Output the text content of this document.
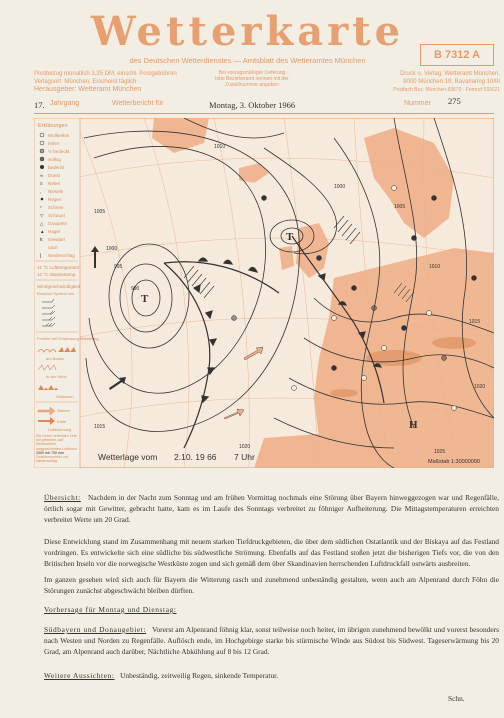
Wetterkarte	B 7312 A
des Deutschen Wetterdienstes — Amtsblatt des Wetteramtes München
Postbezug monatlich 3,25 DM, einschl. Postgebühren
Verlagsort: München, Erscheint täglich
Herausgeber: Wetteramt München
Bei vorzugsmäßiger Lieferung
bitte Bezieheramt nennen mit der
Zustellnummer angeben
Druck u. Verlag: Wetteramt München,
8000 München 19, Bavariaring 10/III
Postfach Bez. München 83670 · Fernruf 530021
17. Jahrgang	Wetterbericht für	Montag, 3. Oktober 1966	Nummer 275
Erklärungen
Wolkenlos
heiter
½ bedeckt
wolkig
bedeckt
∞ Dunst
≡ Nebel
, Nieseln
Regen
* Schnee
▽ Schauer
△ Graupeln
▲ Hagel
ꝁ Gewitter
nach
] Niederschlag
11 °C Lufttemperatur
12 °C Wassertemp.
Windgeschwindigkeit
Beaufort Symbol m/s
Fronten mit Erwärmung Abkühlung
am Boden
in der Höhe
Okklusion
Warme
Kalte
Luftströmung
Die Linien verbinden Orte mit gleichem, auf Meereshöhe umgerechneten Luftdruck
1000 mb 750 mm
Zwischenschicht mit Niederschlag
990
995
1000
1005
1010
1015
1020
1025
1020
1015
1010
1005
1000
T
T
H
Wetterlage vom 2.10. 19 66 7 Uhr	Maßstab 1:30000000
Übersicht: Nachdem in der Nacht zum Sonntag und am frühen Vormittag nochmals eine Störung über Bayern hinweggezogen war und Regenfälle, örtlich sogar mit Gewitter, gebracht hatte, kam es im Laufe des Sonntags verbreitet zu föhniger Aufheiterung. Die Mittagstemperaturen erreichten verbreitet Werte um 20 Grad.
Diese Entwicklung stand im Zusammenhang mit neuem starken Tiefdruckgebieten, die über dem südlichen Ostatlantik und der Biskaya auf das Festland vordringen. Es entwickelte sich eine südliche bis südwestliche Strömung. Ebenfalls auf das Festland stoßen jetzt die bisherigen Tiefs vor, die von den Britischen Inseln vor die norwegische Westküste zogen und sich gemäß dem über Skandinavien herrschenden Luftdruckfall ostwärts ausbreiten.
Im ganzen gesehen wird sich auch für Bayern die Witterung rasch und zunehmend unbeständig gestalten, wenn auch am Alpenrand durch Föhn die Störungen zunächst abgeschwächt bleiben dürften.
Vorhersage für Montag und Dienstag:
Südbayern und Donaugebiet: Vorerst am Alpenrand föhnig klar, sonst teilweise noch heiter, im übrigen zunehmend bewölkt und vorerst besonders nach Westen und Norden zu Regenfälle. Auflösch ende, im Hochgebirge starke bis stürmische Winde aus Südost bis Südwest. Tageserwärmung bis 20 Grad, am Alpenrand auch darüber, Nächtliche Abkühlung auf 8 bis 12 Grad.
Weitere Aussichten: Unbeständig, zeitweilig Regen, sinkende Temperatur.
Schn.
